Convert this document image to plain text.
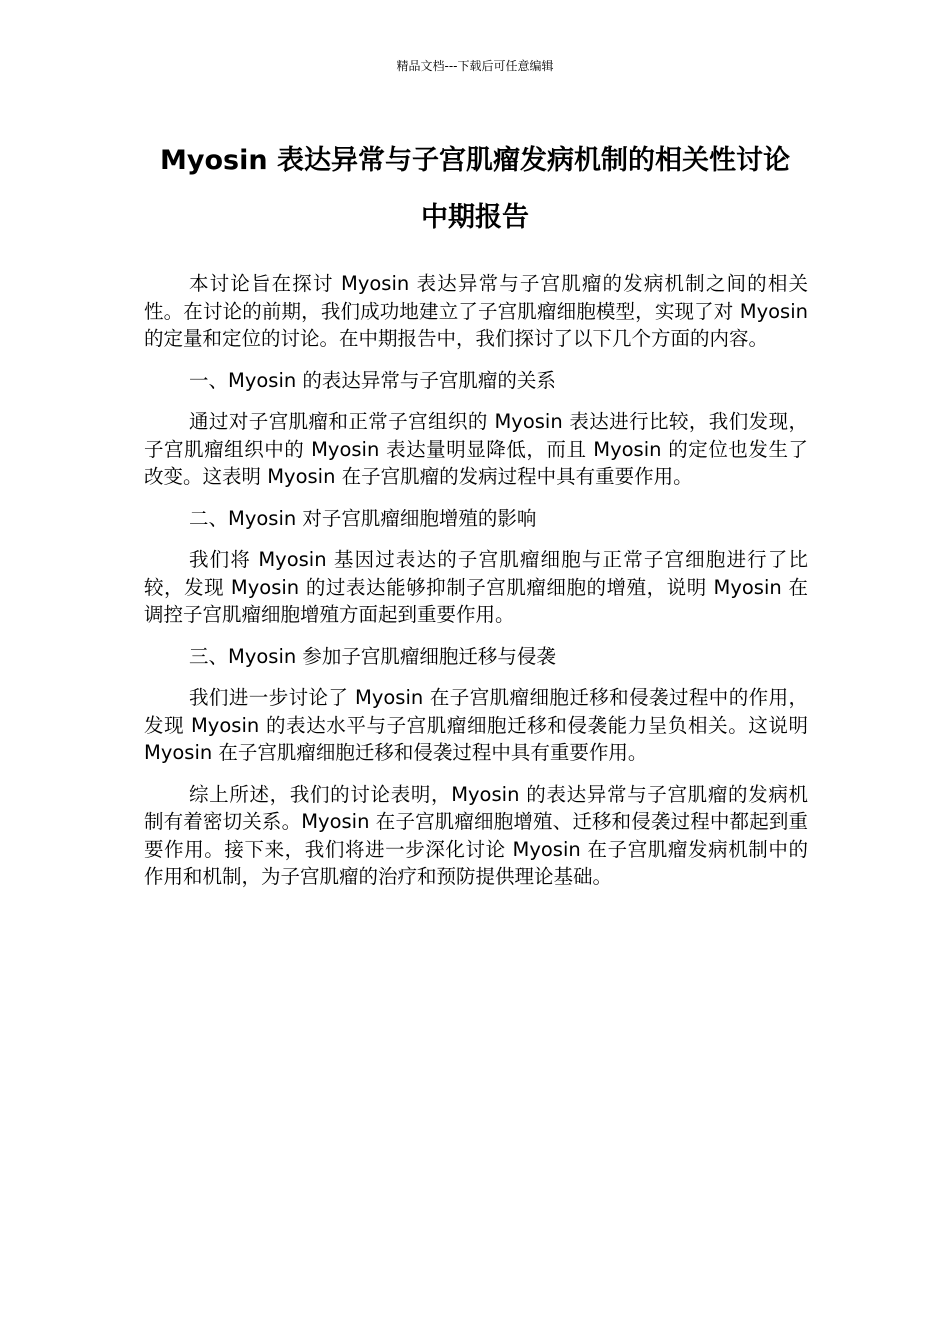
精品文档---下载后可任意编辑
Myosin 表达异常与子宫肌瘤发病机制的相关性讨论
中期报告

本讨论旨在探讨 Myosin 表达异常与子宫肌瘤的发病机制之间的相关性。在讨论的前期，我们成功地建立了子宫肌瘤细胞模型，实现了对 Myosin 的定量和定位的讨论。在中期报告中，我们探讨了以下几个方面的内容。

一、Myosin 的表达异常与子宫肌瘤的关系

通过对子宫肌瘤和正常子宫组织的 Myosin 表达进行比较，我们发现，子宫肌瘤组织中的 Myosin 表达量明显降低，而且 Myosin 的定位也发生了改变。这表明 Myosin 在子宫肌瘤的发病过程中具有重要作用。

二、Myosin 对子宫肌瘤细胞增殖的影响

我们将 Myosin 基因过表达的子宫肌瘤细胞与正常子宫细胞进行了比较，发现 Myosin 的过表达能够抑制子宫肌瘤细胞的增殖，说明 Myosin 在调控子宫肌瘤细胞增殖方面起到重要作用。

三、Myosin 参加子宫肌瘤细胞迁移与侵袭

我们进一步讨论了 Myosin 在子宫肌瘤细胞迁移和侵袭过程中的作用，发现 Myosin 的表达水平与子宫肌瘤细胞迁移和侵袭能力呈负相关。这说明 Myosin 在子宫肌瘤细胞迁移和侵袭过程中具有重要作用。

综上所述，我们的讨论表明，Myosin 的表达异常与子宫肌瘤的发病机制有着密切关系。Myosin 在子宫肌瘤细胞增殖、迁移和侵袭过程中都起到重要作用。接下来，我们将进一步深化讨论 Myosin 在子宫肌瘤发病机制中的作用和机制，为子宫肌瘤的治疗和预防提供理论基础。
